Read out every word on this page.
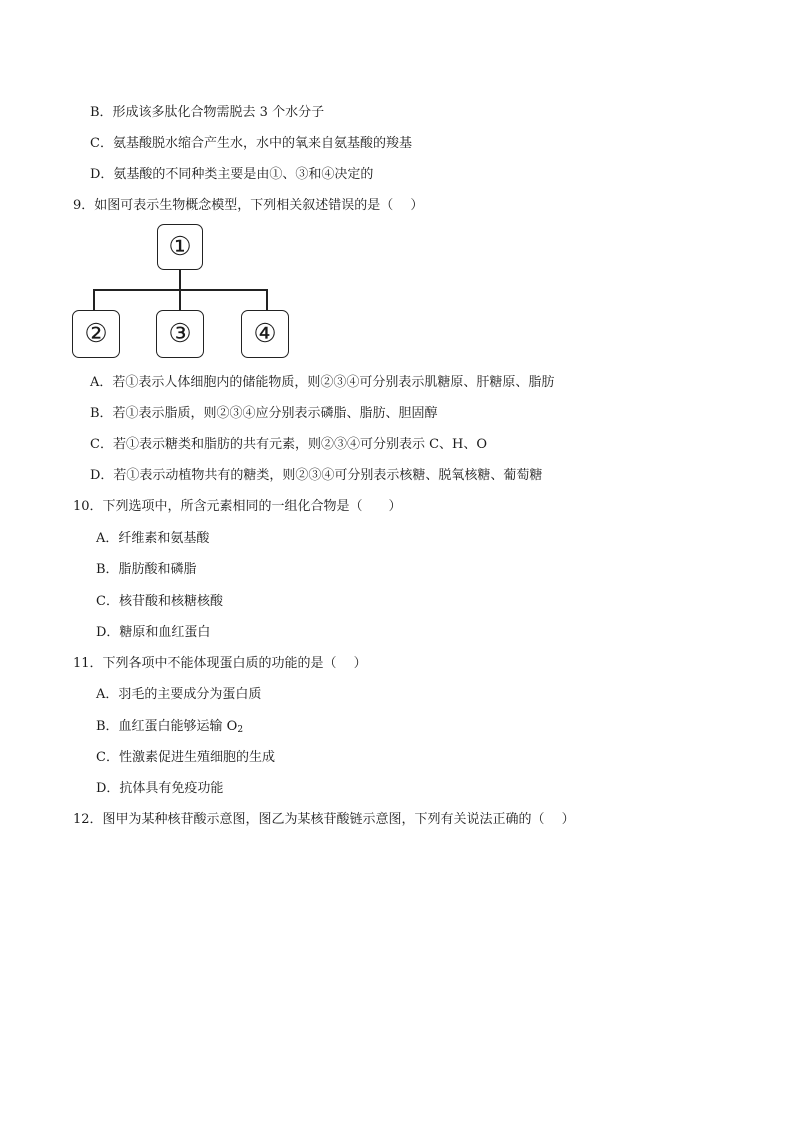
B．形成该多肽化合物需脱去 3 个水分子
C．氨基酸脱水缩合产生水，水中的氧来自氨基酸的羧基
D．氨基酸的不同种类主要是由①、③和④决定的
9．如图可表示生物概念模型，下列相关叙述错误的是（　 ）
①
②	③	④
A．若①表示人体细胞内的储能物质，则②③④可分别表示肌糖原、肝糖原、脂肪
B．若①表示脂质，则②③④应分别表示磷脂、脂肪、胆固醇
C．若①表示糖类和脂肪的共有元素，则②③④可分别表示 C、H、O
D．若①表示动植物共有的糖类，则②③④可分别表示核糖、脱氧核糖、葡萄糖
10．下列选项中，所含元素相同的一组化合物是（　　）
A．纤维素和氨基酸
B．脂肪酸和磷脂
C．核苷酸和核糖核酸
D．糖原和血红蛋白
11．下列各项中不能体现蛋白质的功能的是（　 ）
A．羽毛的主要成分为蛋白质
B．血红蛋白能够运输 $O_2$
C．性激素促进生殖细胞的生成
D．抗体具有免疫功能
12．图甲为某种核苷酸示意图，图乙为某核苷酸链示意图，下列有关说法正确的（　 ）
